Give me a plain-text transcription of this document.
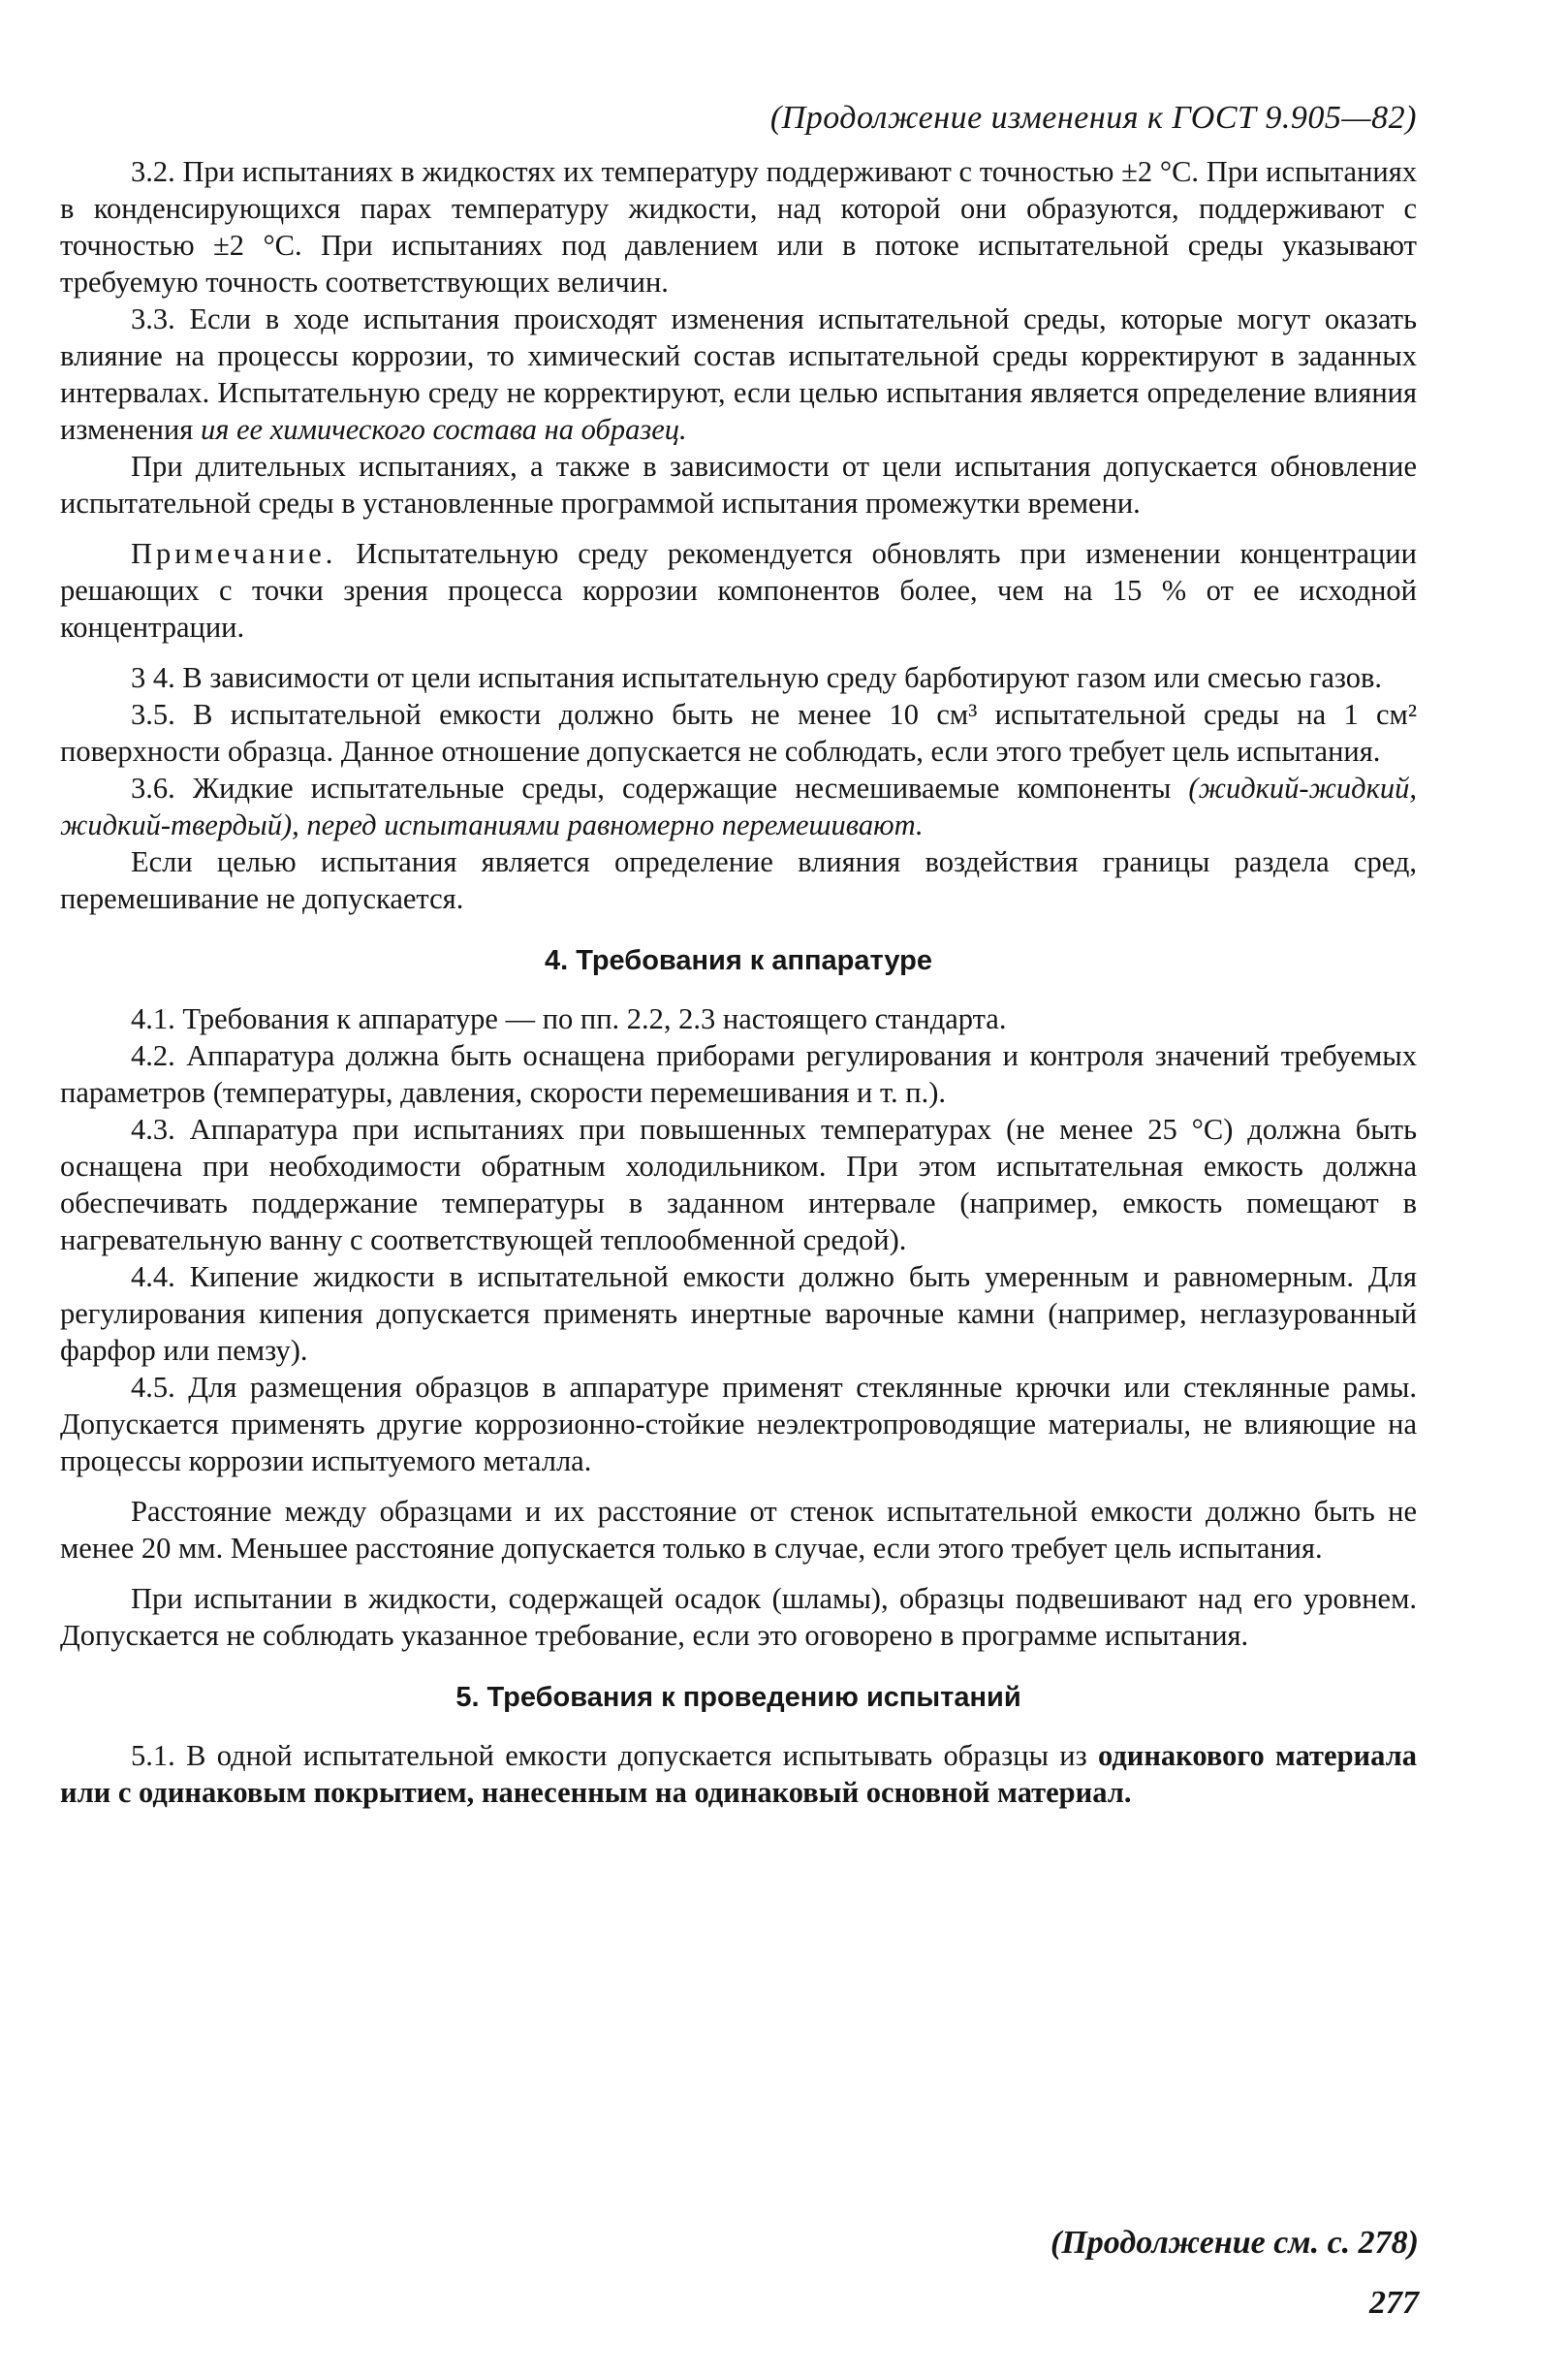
(Продолжение изменения к ГОСТ 9.905—82)

3.2. При испытаниях в жидкостях их температуру поддерживают с точностью ±2 °С. При испытаниях в конденсирующихся парах температуру жидкости, над которой они образуются, поддерживают с точностью ±2 °С. При испытаниях под давлением или в потоке испытательной среды указывают требуемую точность соответствующих величин.

3.3. Если в ходе испытания происходят изменения испытательной среды, которые могут оказать влияние на процессы коррозии, то химический состав испытательной среды корректируют в заданных интервалах. Испытательную среду не корректируют, если целью испытания является определение влияния изменения ия ее химического состава на образец.

При длительных испытаниях, а также в зависимости от цели испытания допускается обновление испытательной среды в установленные программой испытания промежутки времени.

Примечание. Испытательную среду рекомендуется обновлять при изменении концентрации решающих с точки зрения процесса коррозии компонентов более, чем на 15 % от ее исходной концентрации.

3 4. В зависимости от цели испытания испытательную среду барботируют газом или смесью газов.

3.5. В испытательной емкости должно быть не менее 10 см³ испытательной среды на 1 см² поверхности образца. Данное отношение допускается не соблюдать, если этого требует цель испытания.

3.6. Жидкие испытательные среды, содержащие несмешиваемые компоненты (жидкий-жидкий, жидкий-твердый), перед испытаниями равномерно перемешивают.

Если целью испытания является определение влияния воздействия границы раздела сред, перемешивание не допускается.

4. Требования к аппаратуре

4.1. Требования к аппаратуре — по пп. 2.2, 2.3 настоящего стандарта.

4.2. Аппаратура должна быть оснащена приборами регулирования и контроля значений требуемых параметров (температуры, давления, скорости перемешивания и т. п.).

4.3. Аппаратура при испытаниях при повышенных температурах (не менее 25 °С) должна быть оснащена при необходимости обратным холодильником. При этом испытательная емкость должна обеспечивать поддержание температуры в заданном интервале (например, емкость помещают в нагревательную ванну с соответствующей теплообменной средой).

4.4. Кипение жидкости в испытательной емкости должно быть умеренным и равномерным. Для регулирования кипения допускается применять инертные варочные камни (например, неглазурованный фарфор или пемзу).

4.5. Для размещения образцов в аппаратуре применят стеклянные крючки или стеклянные рамы. Допускается применять другие коррозионно-стойкие неэлектропроводящие материалы, не влияющие на процессы коррозии испытуемого металла.

Расстояние между образцами и их расстояние от стенок испытательной емкости должно быть не менее 20 мм. Меньшее расстояние допускается только в случае, если этого требует цель испытания.

При испытании в жидкости, содержащей осадок (шламы), образцы подвешивают над его уровнем. Допускается не соблюдать указанное требование, если это оговорено в программе испытания.

5. Требования к проведению испытаний

5.1. В одной испытательной емкости допускается испытывать образцы из одинакового материала или с одинаковым покрытием, нанесенным на одинаковый основной материал.

(Продолжение см. с. 278)
277
